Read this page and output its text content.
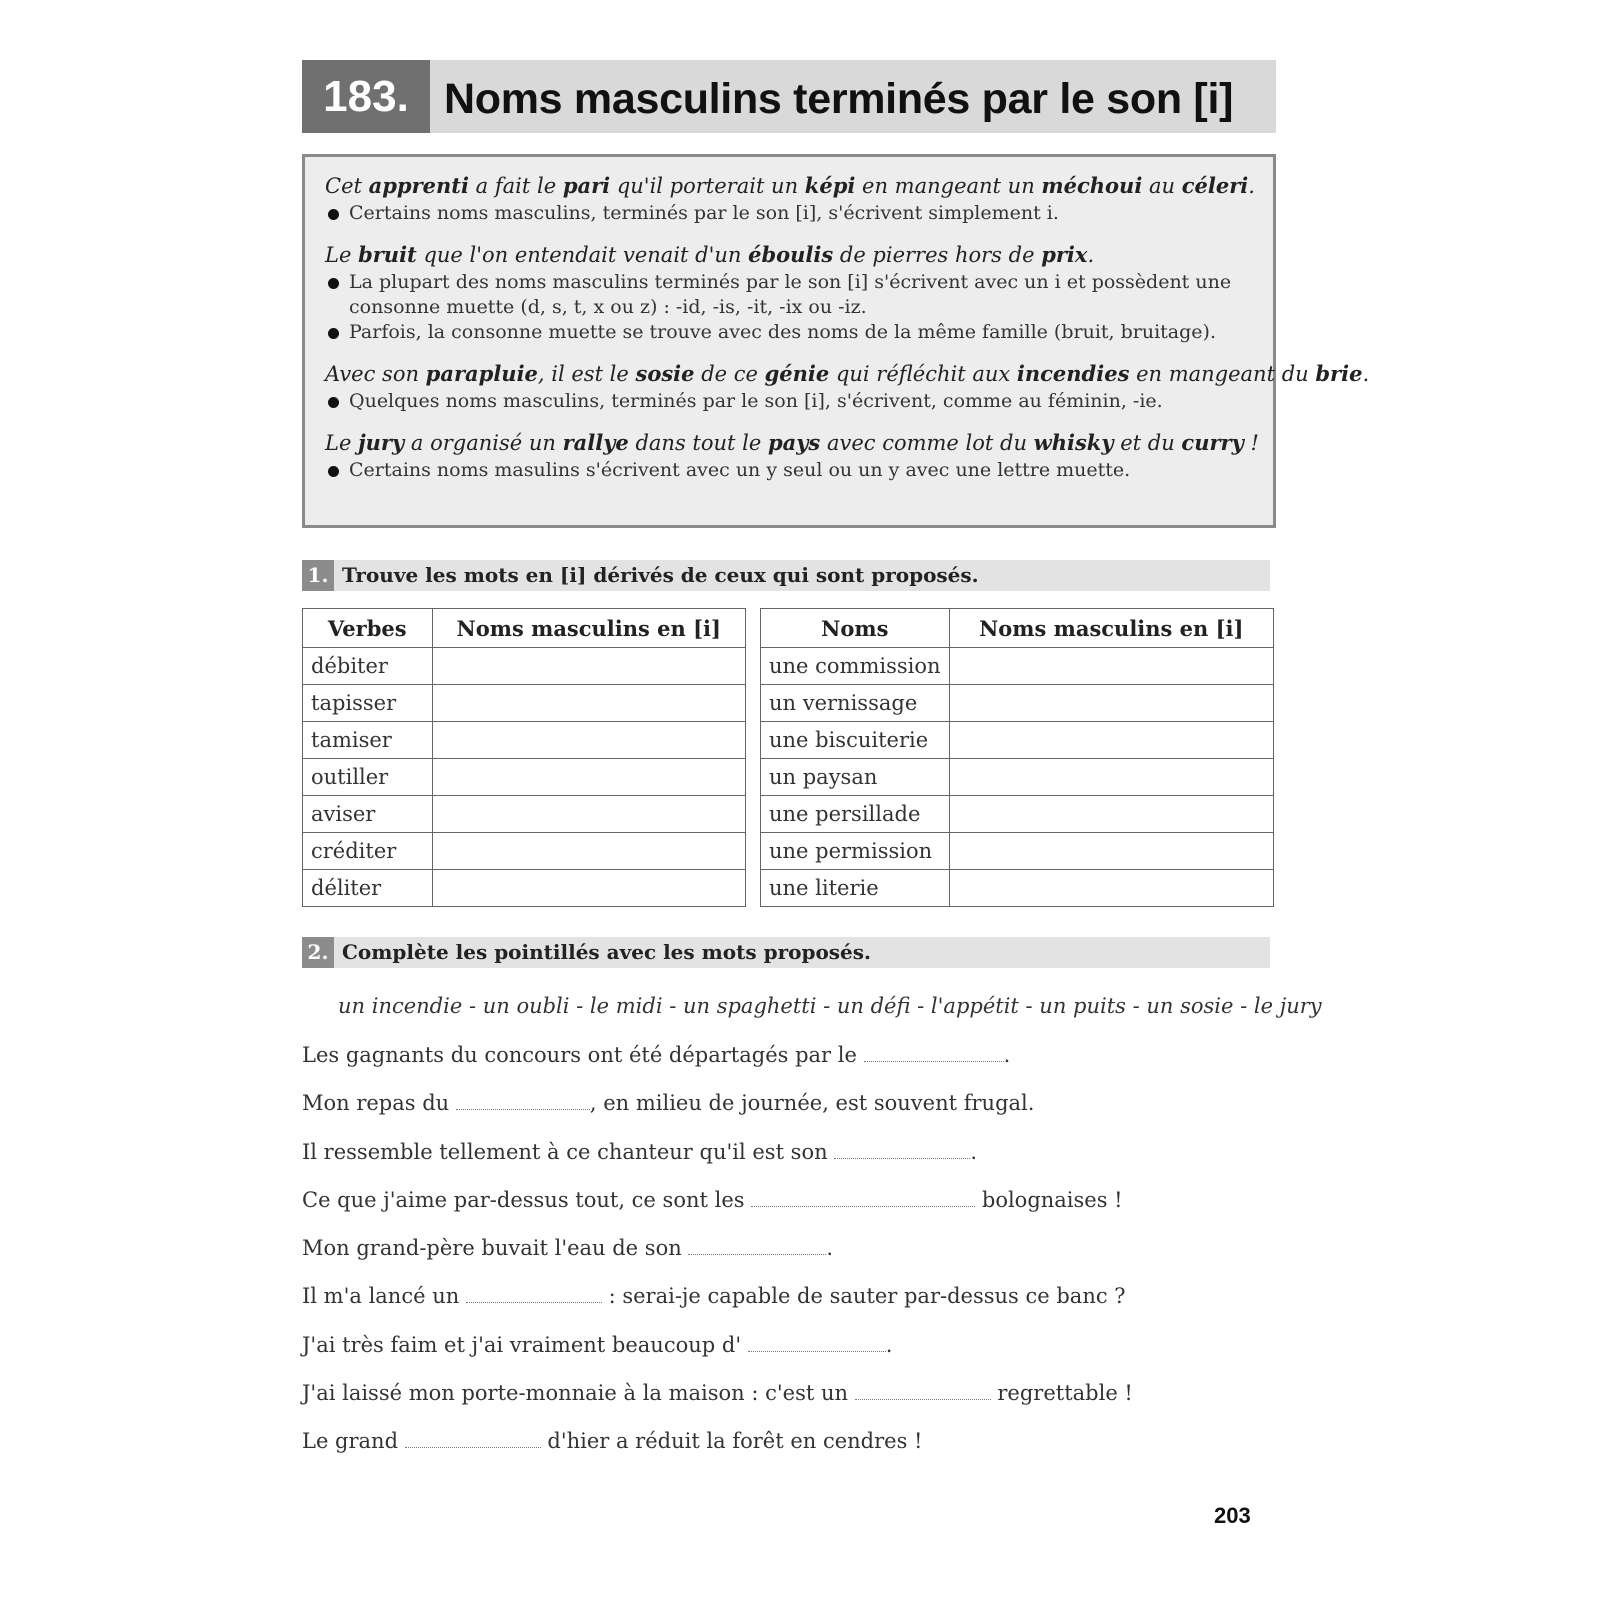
183. Noms masculins terminés par le son [i]
Cet apprenti a fait le pari qu'il porterait un képi en mangeant un méchoui au céleri.
Certains noms masculins, terminés par le son [i], s'écrivent simplement i.
Le bruit que l'on entendait venait d'un éboulis de pierres hors de prix.
La plupart des noms masculins terminés par le son [i] s'écrivent avec un i et possèdent une consonne muette (d, s, t, x ou z) : -id, -is, -it, -ix ou -iz.
Parfois, la consonne muette se trouve avec des noms de la même famille (bruit, bruitage).
Avec son parapluie, il est le sosie de ce génie qui réfléchit aux incendies en mangeant du brie.
Quelques noms masculins, terminés par le son [i], s'écrivent, comme au féminin, -ie.
Le jury a organisé un rallye dans tout le pays avec comme lot du whisky et du curry !
Certains noms masulins s'écrivent avec un y seul ou un y avec une lettre muette.
1. Trouve les mots en [i] dérivés de ceux qui sont proposés.
Verbes	Noms masculins en [i]
débiter	
tapisser	
tamiser	
outiller	
aviser	
créditer	
déliter	
Noms	Noms masculins en [i]
une commission	
un vernissage	
une biscuiterie	
un paysan	
une persillade	
une permission	
une literie	
2. Complète les pointillés avec les mots proposés.
un incendie - un oubli - le midi - un spaghetti - un défi - l'appétit - un puits - un sosie - le jury
Les gagnants du concours ont été départagés par le	.
Mon repas du	, en milieu de journée, est souvent frugal.
Il ressemble tellement à ce chanteur qu'il est son	.
Ce que j'aime par-dessus tout, ce sont les	bolognaises !
Mon grand-père buvait l'eau de son	.
Il m'a lancé un	: serai-je capable de sauter par-dessus ce banc ?
J'ai très faim et j'ai vraiment beaucoup d'	.
J'ai laissé mon porte-monnaie à la maison : c'est un	regrettable !
Le grand	d'hier a réduit la forêt en cendres !
203
